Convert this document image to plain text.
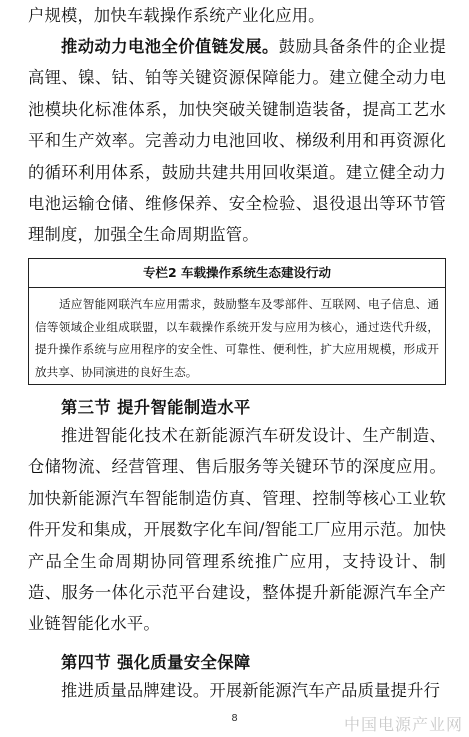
户规模，加快车载操作系统产业化应用。
推动动力电池全价值链发展。鼓励具备条件的企业提高锂、镍、钴、铂等关键资源保障能力。建立健全动力电池模块化标准体系，加快突破关键制造装备，提高工艺水平和生产效率。完善动力电池回收、梯级利用和再资源化的循环利用体系，鼓励共建共用回收渠道。建立健全动力电池运输仓储、维修保养、安全检验、退役退出等环节管理制度，加强全生命周期监管。
专栏2 车载操作系统生态建设行动
适应智能网联汽车应用需求，鼓励整车及零部件、互联网、电子信息、通信等领域企业组成联盟，以车载操作系统开发与应用为核心，通过迭代升级，提升操作系统与应用程序的安全性、可靠性、便利性，扩大应用规模，形成开放共享、协同演进的良好生态。
第三节 提升智能制造水平
推进智能化技术在新能源汽车研发设计、生产制造、仓储物流、经营管理、售后服务等关键环节的深度应用。加快新能源汽车智能制造仿真、管理、控制等核心工业软件开发和集成，开展数字化车间/智能工厂应用示范。加快产品全生命周期协同管理系统推广应用，支持设计、制造、服务一体化示范平台建设，整体提升新能源汽车全产业链智能化水平。
第四节 强化质量安全保障
推进质量品牌建设。开展新能源汽车产品质量提升行
8	中国电源产业网
